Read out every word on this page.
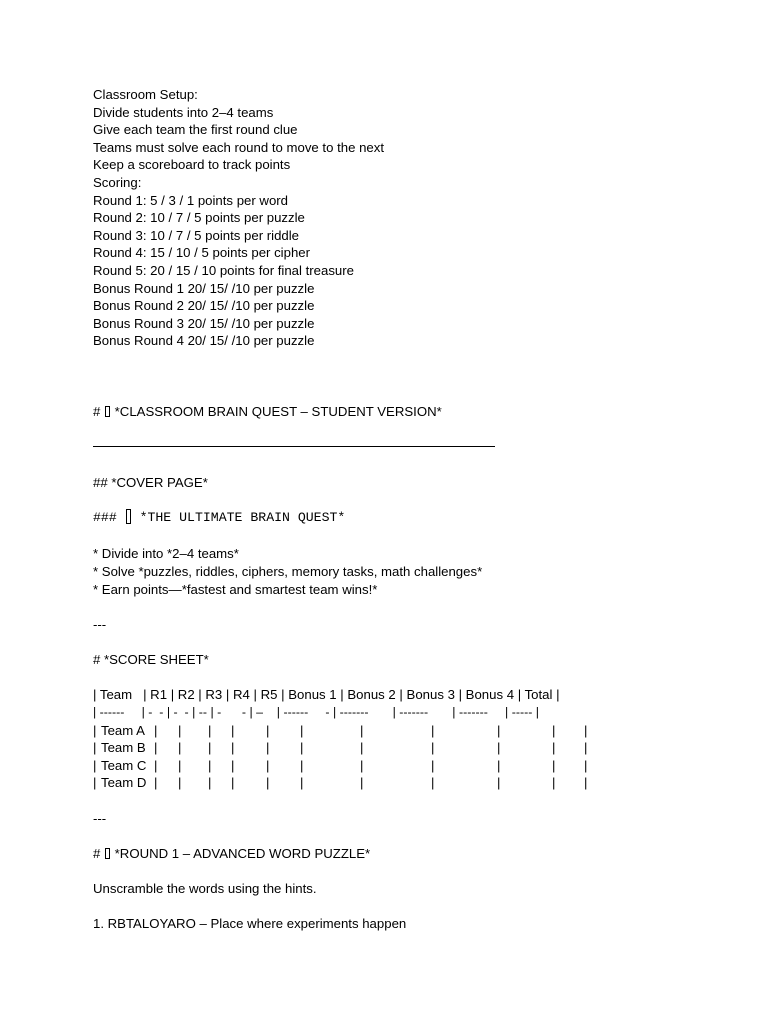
Classroom Setup:

Divide students into 2–4 teams

Give each team the first round clue

Teams must solve each round to move to the next

Keep a scoreboard to track points

Scoring:

Round 1: 5 / 3 / 1 points per word

Round 2: 10 / 7 / 5 points per puzzle

Round 3: 10 / 7 / 5 points per riddle

Round 4: 15 / 10 / 5 points per cipher

Round 5: 20 / 15 / 10 points for final treasure

Bonus Round 1 20/ 15/ /10 per puzzle

Bonus Round 2 20/ 15/ /10 per puzzle

Bonus Round 3 20/ 15/ /10 per puzzle

Bonus Round 4 20/ 15/ /10 per puzzle

#  *CLASSROOM BRAIN QUEST – STUDENT VERSION*

## *COVER PAGE*

###  *THE ULTIMATE BRAIN QUEST*

* Divide into *2–4 teams*

* Solve *puzzles, riddles, ciphers, memory tasks, math challenges*

* Earn points—*fastest and smartest team wins!*

---

# *SCORE SHEET*

| Team   | R1 | R2 | R3 | R4 | R5 | Bonus 1 | Bonus 2 | Bonus 3 | Bonus 4 | Total |

| ------     | -  - | -  - | -- | -      - | –    | ------     - | -------       | -------       | -------     | ----- |

| Team A | | | | | |	|	|	|	| |

| Team B | | | | | |	|	|	|	| |

| Team C | | | | | |	|	|	|	| |

| Team D | | | | | |	|	|	|	| |

---

#  *ROUND 1 – ADVANCED WORD PUZZLE*

Unscramble the words using the hints.

1. RBTALOYARO – Place where experiments happen
